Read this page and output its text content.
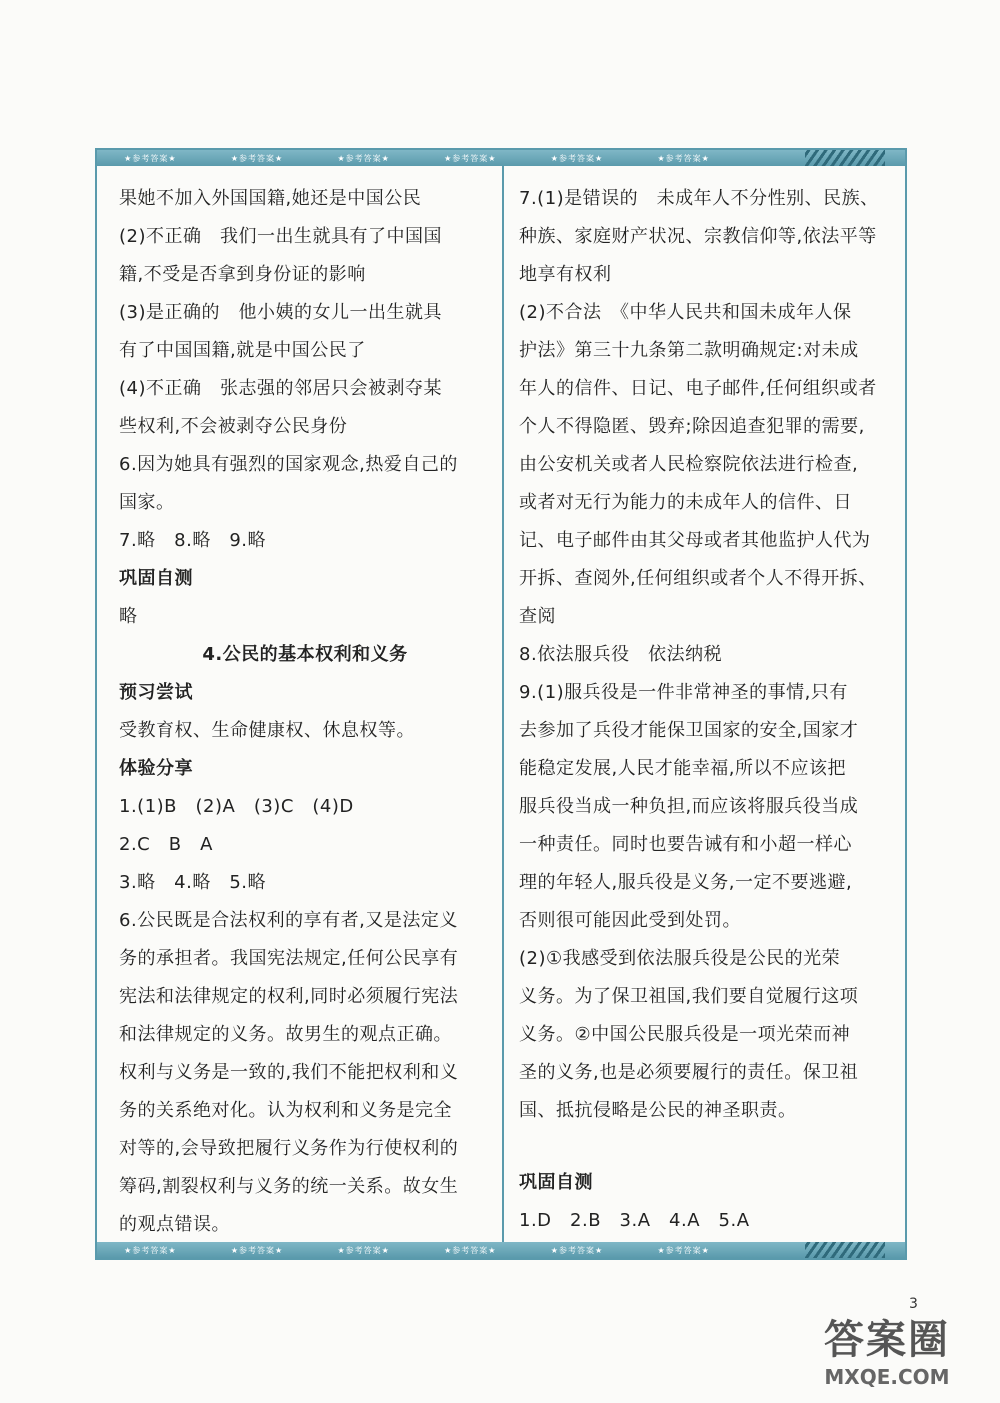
★参考答案★	★参考答案★	★参考答案★	★参考答案★	★参考答案★	★参考答案★

果她不加入外国国籍,她还是中国公民

(2)不正确　我们一出生就具有了中国国

籍,不受是否拿到身份证的影响

(3)是正确的　他小姨的女儿一出生就具

有了中国国籍,就是中国公民了

(4)不正确　张志强的邻居只会被剥夺某

些权利,不会被剥夺公民身份

6.因为她具有强烈的国家观念,热爱自己的

国家。

7.略　8.略　9.略

巩固自测

略

4.公民的基本权利和义务

预习尝试

受教育权、生命健康权、休息权等。

体验分享

1.(1)B　(2)A　(3)C　(4)D

2.C　B　A

3.略　4.略　5.略

6.公民既是合法权利的享有者,又是法定义

务的承担者。我国宪法规定,任何公民享有

宪法和法律规定的权利,同时必须履行宪法

和法律规定的义务。故男生的观点正确。

权利与义务是一致的,我们不能把权利和义

务的关系绝对化。认为权利和义务是完全

对等的,会导致把履行义务作为行使权利的

筹码,割裂权利与义务的统一关系。故女生

的观点错误。

7.(1)是错误的　未成年人不分性别、民族、

种族、家庭财产状况、宗教信仰等,依法平等

地享有权利

(2)不合法　《中华人民共和国未成年人保

护法》第三十九条第二款明确规定:对未成

年人的信件、日记、电子邮件,任何组织或者

个人不得隐匿、毁弃;除因追查犯罪的需要,

由公安机关或者人民检察院依法进行检查,

或者对无行为能力的未成年人的信件、日

记、电子邮件由其父母或者其他监护人代为

开拆、查阅外,任何组织或者个人不得开拆、

查阅

8.依法服兵役　依法纳税

9.(1)服兵役是一件非常神圣的事情,只有

去参加了兵役才能保卫国家的安全,国家才

能稳定发展,人民才能幸福,所以不应该把

服兵役当成一种负担,而应该将服兵役当成

一种责任。同时也要告诫有和小超一样心

理的年轻人,服兵役是义务,一定不要逃避,

否则很可能因此受到处罚。

(2)①我感受到依法服兵役是公民的光荣

义务。为了保卫祖国,我们要自觉履行这项

义务。②中国公民服兵役是一项光荣而神

圣的义务,也是必须要履行的责任。保卫祖

国、抵抗侵略是公民的神圣职责。

巩固自测

1.D　2.B　3.A　4.A　5.A

★参考答案★	★参考答案★	★参考答案★	★参考答案★	★参考答案★	★参考答案★
3
答案圈
MXQE.COM
